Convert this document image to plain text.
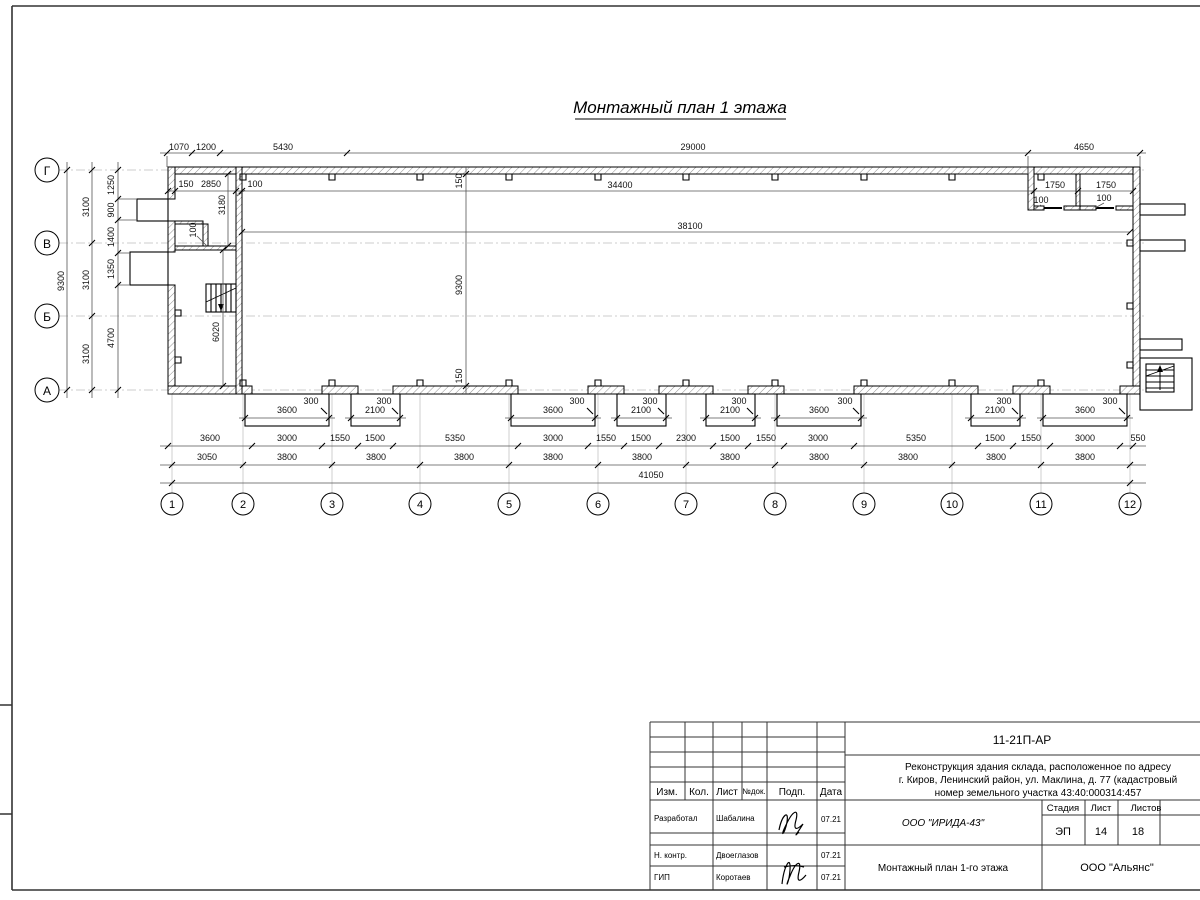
Монтажный план 1 этажа
1070 1200	5430	29000	4650
150 2850	100
3180
100
6020
34400
38100
150
9300
150
1750	1750
100	100
9300
3100
3100
3100
1250
900
1400
1350
4700
3600	2100	3600	2100	2100	3600	2100	3600
300	300	300	300	300	300	300	300
3600	3000	1550 1500	5350	3000	1550 1500	2300	1500 1550	3000	5350	1500 1550	3000	550
3050	3800	3800	3800	3800	3800	3800	3800	3800	3800	3800
41050
1	2	3	4	5	6	7	8	9	10	11	12
Г
В
Б
А
Изм. Кол. Лист №док. Подп. Дата
Разработал Шабалина	07.21
Н. контр.	Двоеглазов	07.21
ГИП	Коротаев	07.21
11-21П-АР
Реконструкция здания склада, расположенное по адресу
г. Киров, Ленинский район, ул. Маклина, д. 77 (кадастровый
номер земельного участка 43:40:000314:457
ООО "ИРИДА-43"
Монтажный план 1-го этажа
Стадия Лист Листов
ЭП 14 18
ООО "Альянс"
